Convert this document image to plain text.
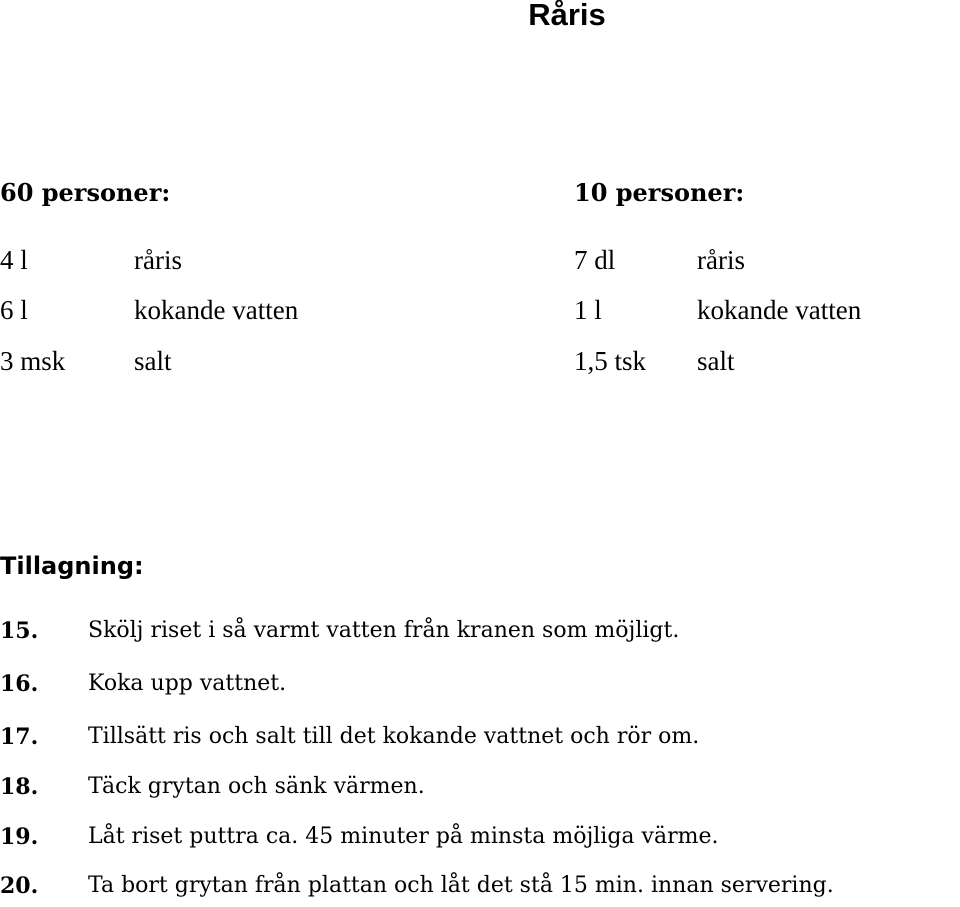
Råris
60 personer:
4 l	råris
6 l	kokande vatten
3 msk	salt
10 personer:
7 dl	råris
1 l	kokande vatten
1,5 tsk salt
Tillagning:
15. Skölj riset i så varmt vatten från kranen som möjligt.
16. Koka upp vattnet.
17. Tillsätt ris och salt till det kokande vattnet och rör om.
18. Täck grytan och sänk värmen.
19. Låt riset puttra ca. 45 minuter på minsta möjliga värme.
20. Ta bort grytan från plattan och låt det stå 15 min. innan servering.
